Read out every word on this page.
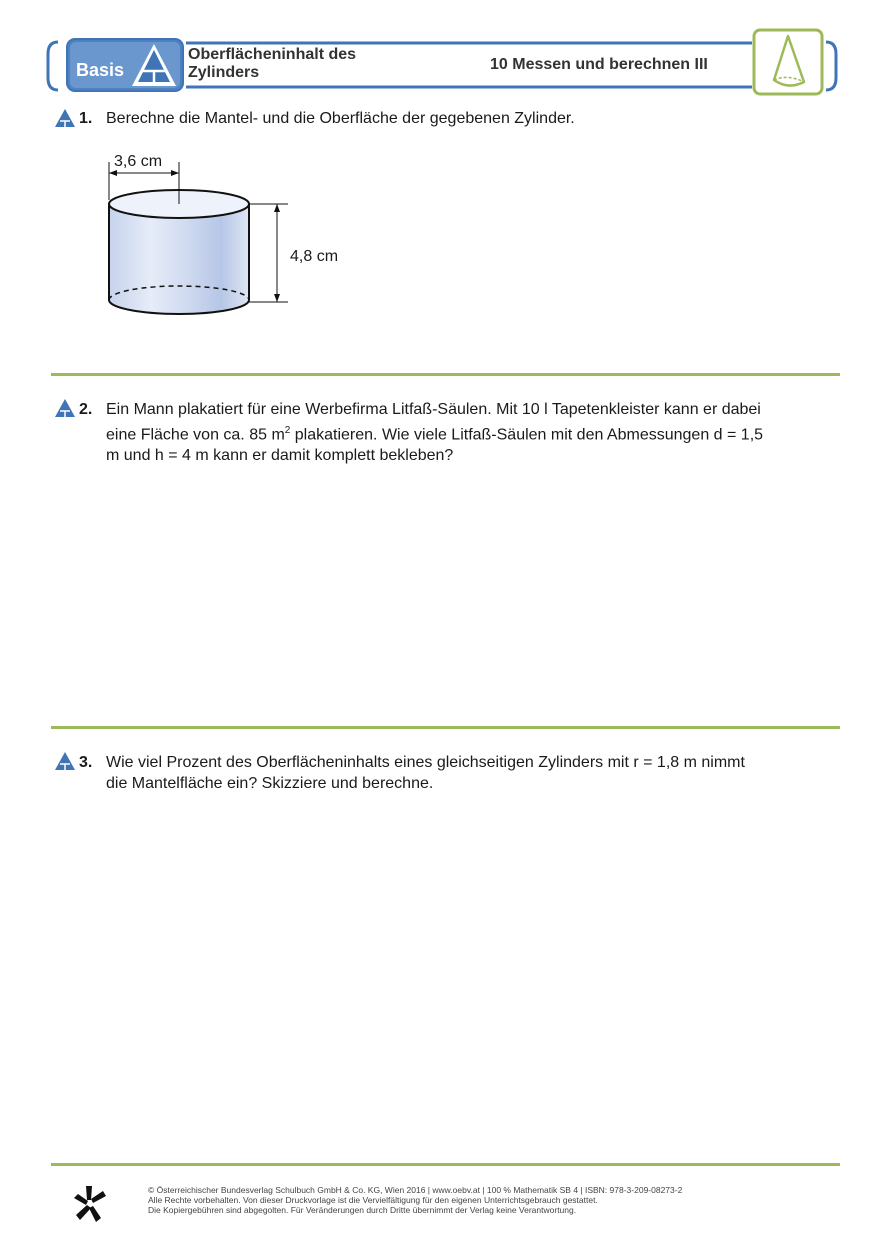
Basis
Oberflächeninhalt des
Zylinders	10 Messen und berechnen III
1. Berechne die Mantel- und die Oberfläche der gegebenen Zylinder.
3,6 cm
4,8 cm
2. Ein Mann plakatiert für eine Werbefirma Litfaß-Säulen. Mit 10 l Tapetenkleister kann er dabei
eine Fläche von ca. 85 $m^2$ plakatieren. Wie viele Litfaß-Säulen mit den Abmessungen d = 1,5
m und h = 4 m kann er damit komplett bekleben?
3. Wie viel Prozent des Oberflächeninhalts eines gleichseitigen Zylinders mit r = 1,8 m nimmt
die Mantelfläche ein? Skizziere und berechne.
© Österreichischer Bundesverlag Schulbuch GmbH & Co. KG, Wien 2016 | www.oebv.at | 100 % Mathematik SB 4 | ISBN: 978-3-209-08273-2
Alle Rechte vorbehalten. Von dieser Druckvorlage ist die Vervielfältigung für den eigenen Unterrichtsgebrauch gestattet.
Die Kopiergebühren sind abgegolten. Für Veränderungen durch Dritte übernimmt der Verlag keine Verantwortung.
